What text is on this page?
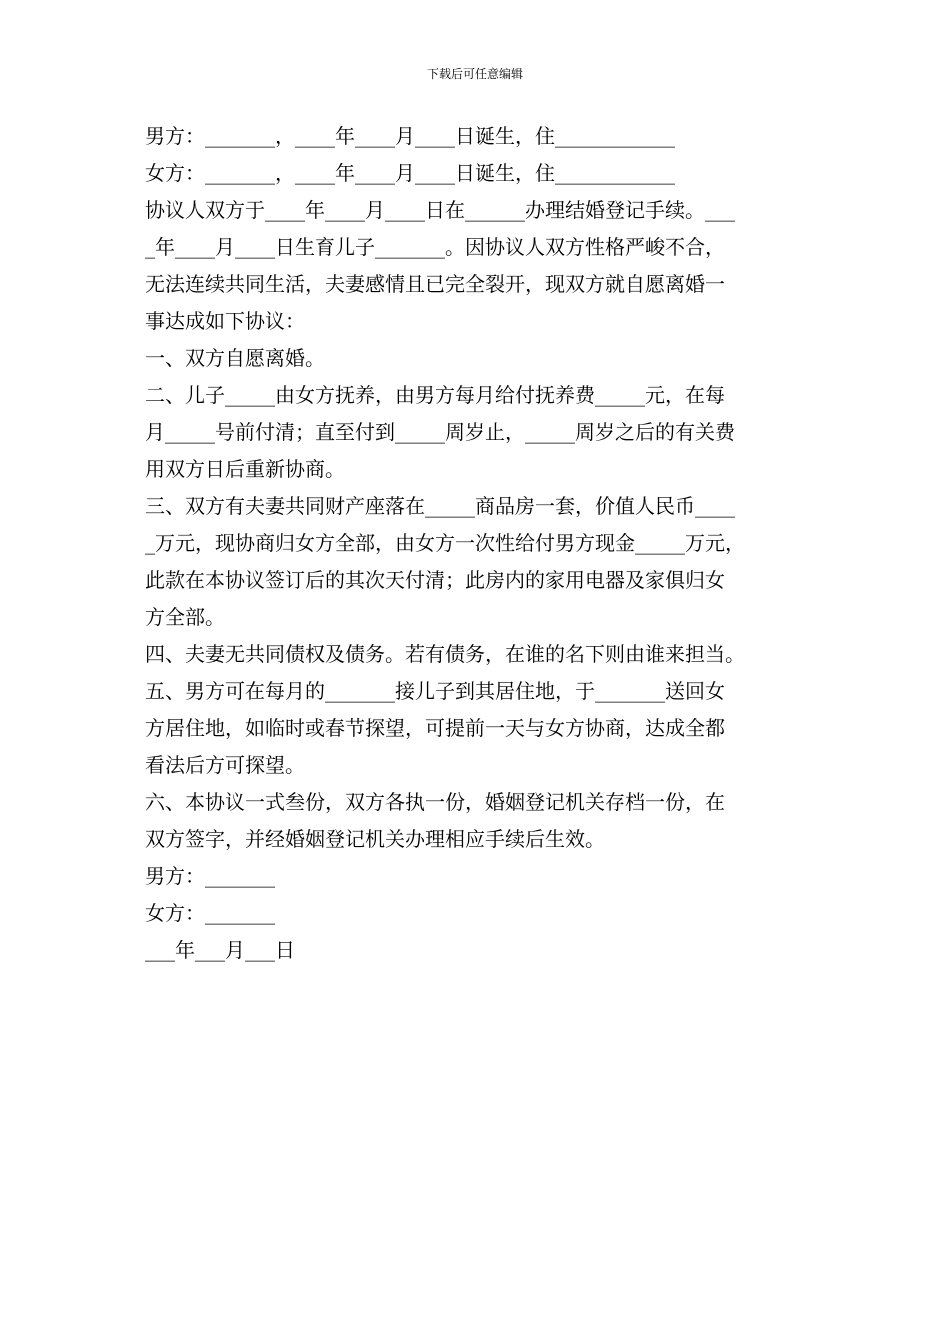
下载后可任意编辑
男方：_______，____年____月____日诞生，住____________
女方：_______，____年____月____日诞生，住____________
协议人双方于____年____月____日在______办理结婚登记手续。___
_年____月____日生育儿子_______。因协议人双方性格严峻不合，
无法连续共同生活，夫妻感情且已完全裂开，现双方就自愿离婚一
事达成如下协议：
一、双方自愿离婚。
二、儿子_____由女方抚养，由男方每月给付抚养费_____元，在每
月_____号前付清；直至付到_____周岁止，_____周岁之后的有关费
用双方日后重新协商。
三、双方有夫妻共同财产座落在_____商品房一套，价值人民币____
_万元，现协商归女方全部，由女方一次性给付男方现金_____万元，
此款在本协议签订后的其次天付清；此房内的家用电器及家俱归女
方全部。
四、夫妻无共同债权及债务。若有债务，在谁的名下则由谁来担当。
五、男方可在每月的_______接儿子到其居住地，于_______送回女
方居住地，如临时或春节探望，可提前一天与女方协商，达成全都
看法后方可探望。
六、本协议一式叁份，双方各执一份，婚姻登记机关存档一份，在
双方签字，并经婚姻登记机关办理相应手续后生效。
男方：_______
女方：_______
___年___月___日
